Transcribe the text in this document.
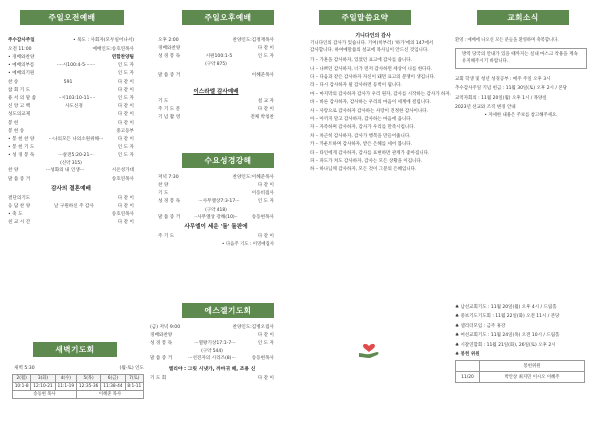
주일오전예배	주일오후예배	주일말씀요약	교회소식
수요성경강해
에스겔기도회
새벽기도회
주수감사주일	• 묵도 : 사회자(모두일어나서)
오전 11:00	예배인도:송호연목사
• 경배와찬양	연합찬양팀
• 예배의부름	····시100:4-5·······	인 도 자
• 예배의기원	인 도 자
찬 송	591	다 같 이
참 회 기 도	다 같 이
용 서 의 말 씀	··시103:10-11····	인 도 자
신 앙 고 백	사도신경	다 같 이
성도의교제	다 같 이
봉 헌	다 같 이
봉 헌 송	중고등부
• 봉 헌 찬 양	···나의모든 나의소원위해···	다 같 이
• 봉 헌 기 도	인 도 자
• 성 경 봉 독	···살전5:20-21···	인 도 자
(신약 315)
찬 양	···성화의 내 인생···	시온성가대
말 씀 증 거	송호연목사
감사의 결혼예배
결단의기도	다 같 이
응 답 찬 양	날 구원하신 주 감사	다 같 이
• 축 도	송호연목사
친 교 시 간	다 같 이
새벽 5:30	(월-토) 인도
2(월)	3(화)	4(수)	5(목)	6(금)	7(토)
10:1-8	12:10-21	11:1-19	12:35-36	11:38-44	8:1-11
송동현 목사			이혜준 목사		
오후 2:00	찬양인도:김정재목사
경배와찬양	다 같 이
성 경 봉 독	시편100:1-5	인 도 자
(구약 875)
말 씀 증 거	이혜준목사
이스라엘 감사예배
기 도	설 교 자
주 기 도 문	다 같 이
기 념 촬 영	전체 박칭찬
저녁 7:30	찬양인도:이혜준목사
찬 양	다 같 이
기 도	이동비집사
성 경 봉 독	···사무엘상7:3-17···	인 도 자
(구약 418)
말 씀 증 거	··사무엘상 강해(10)··	송동현목사
사무엘이 세운 '돌' 돌판에
주 기 도	다 같 이
• 다음주 기도 : 이영애집사
(금) 저녁 9:00	찬양인도:김병오집사
경배와찬양	다 같 이
성 경 봉 독	···열왕기상17:1-7···	인 도 자
(구약 544)
말 씀 증 거	···선견자의 시리즈(8)···	송동현목사
엘리야 : 그릿 시냇가, 까마귀 떼, 조용 신
기 도 회	다 같 이
기니다인의 감사
기니다인의 감사가 있습니다. 기여(히부러) '하가'에의 147에서 감사합니다. 하여예말씀의 설교에 목사님이 안드신 것입니다.
가 – 가훈을 감사하자, 있었던 표고에 감사를 씁니다.
나 – 나쁘던 감사하자, 너가 먼저 감사하면 세상이 나를 한다다.
다 – 다음과 같은 감사하자 자신이 돼면 표고의 분쟁이 생깁니다.
라 – 다시 감사하자 될 감사하면 등벽이 됩니다.
마 – 마지막의 감사하자 감사가 우리 원자, 감사를 시작하는 감사가 하자.
바 – 바른 감사하자, 감사하는 우리의 마음이 세계에 걸립니다.
사 – 사랑으로 감사하자 감사하는 사랑이 진정한 감사이나다.
아 – 아끼지 말고 감사하자, 감사하는 마음에 옵니다.
자 – 자족하며 감사하자, 감사가 우리를 만족시킵니다.
차 – 차근히 감사하자, 감사가 행복을 만들어줍니다.
카 – 카운트하며 감사하자, 받은 은혜를 세어 봅니다.
타 – 타인에게 감사하자, 감사를 표현하면 관계가 좋아집니다.
파 – 파도가 쳐도 감사하자, 감사는 모든 상황을 이깁니다.
하 – 하나님께 감사하자, 모든 것이 그분의 은혜입니다.
환영 : 예배에 나오신 모든 분들을 환영하며 축복합니다.
방역 당국의 안내가 있을 때까지는 실내 마스크 착용을 계속 유지해주시기 바랍니다.
교회 학생 및 청년 성경공부 : 매주 주일 오후 3시
추수감사주일 기념 헌금 : 11월 30일(토) 오후 2시 / 본당
교역자회의 : 11월 20일(월) 오후 1시 / 목양실
2023년 선교와 조직 변경 안내
• 자세한 내용은 주보를 참고해주세요.
♣ 남선교회기도 : 11월 20일(월) 오후 4시 / 드림홀
♣ 중보기도기도회 : 11월 22일(화) 오전 11시 / 본당
♣ 셀리더모임 : 금주 휴강
♣ 여선교회기도 : 11월 24일(목) 오전 10시 / 드림홀
♣ 시찰연합회 : 11월 21일(화), 26일(토) 오후 2시
♣ 봉헌 위원
	봉헌위원
11/20	박안상 최지민 이시오 이혜주
